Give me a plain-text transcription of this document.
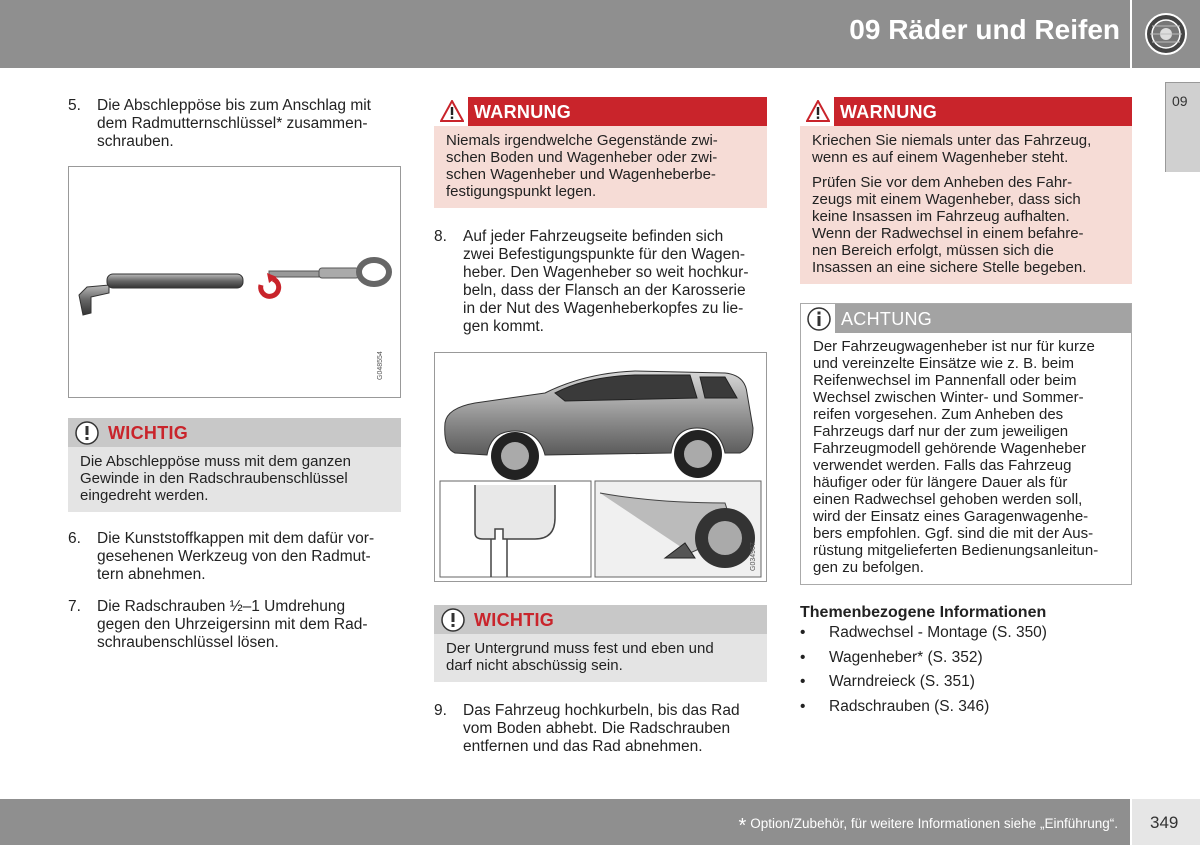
09 Räder und Reifen
09
5. Die Abschleppöse bis zum Anschlag mit
dem Radmutternschlüssel* zusammen-
schrauben.
G048554
WICHTIG
Die Abschleppöse muss mit dem ganzen
Gewinde in den Radschraubenschlüssel
eingedreht werden.
6. Die Kunststoffkappen mit dem dafür vor-
gesehenen Werkzeug von den Radmut-
tern abnehmen.
7. Die Radschrauben ½–1 Umdrehung
gegen den Uhrzeigersinn mit dem Rad-
schraubenschlüssel lösen.
WARNUNG
Niemals irgendwelche Gegenstände zwi-
schen Boden und Wagenheber oder zwi-
schen Wagenheber und Wagenheberbe-
festigungspunkt legen.
8. Auf jeder Fahrzeugseite befinden sich
zwei Befestigungspunkte für den Wagen-
heber. Den Wagenheber so weit hochkur-
beln, dass der Flansch an der Karosserie
in der Nut des Wagenheberkopfes zu lie-
gen kommt.
G034967
WICHTIG
Der Untergrund muss fest und eben und
darf nicht abschüssig sein.
9. Das Fahrzeug hochkurbeln, bis das Rad
vom Boden abhebt. Die Radschrauben
entfernen und das Rad abnehmen.
WARNUNG

Kriechen Sie niemals unter das Fahrzeug,
wenn es auf einem Wagenheber steht.

Prüfen Sie vor dem Anheben des Fahr-
zeugs mit einem Wagenheber, dass sich
keine Insassen im Fahrzeug aufhalten.
Wenn der Radwechsel in einem befahre-
nen Bereich erfolgt, müssen sich die
Insassen an eine sichere Stelle begeben.

ACHTUNG
Der Fahrzeugwagenheber ist nur für kurze
und vereinzelte Einsätze wie z. B. beim
Reifenwechsel im Pannenfall oder beim
Wechsel zwischen Winter- und Sommer-
reifen vorgesehen. Zum Anheben des
Fahrzeugs darf nur der zum jeweiligen
Fahrzeugmodell gehörende Wagenheber
verwendet werden. Falls das Fahrzeug
häufiger oder für längere Dauer als für
einen Radwechsel gehoben werden soll,
wird der Einsatz eines Garagenwagenhe-
bers empfohlen. Ggf. sind die mit der Aus-
rüstung mitgelieferten Bedienungsanleitun-
gen zu befolgen.
Themenbezogene Informationen
• Radwechsel - Montage (S. 350)
• Wagenheber* (S. 352)
• Warndreieck (S. 351)
• Radschrauben (S. 346)
* Option/Zubehör, für weitere Informationen siehe „Einführung“. 349
